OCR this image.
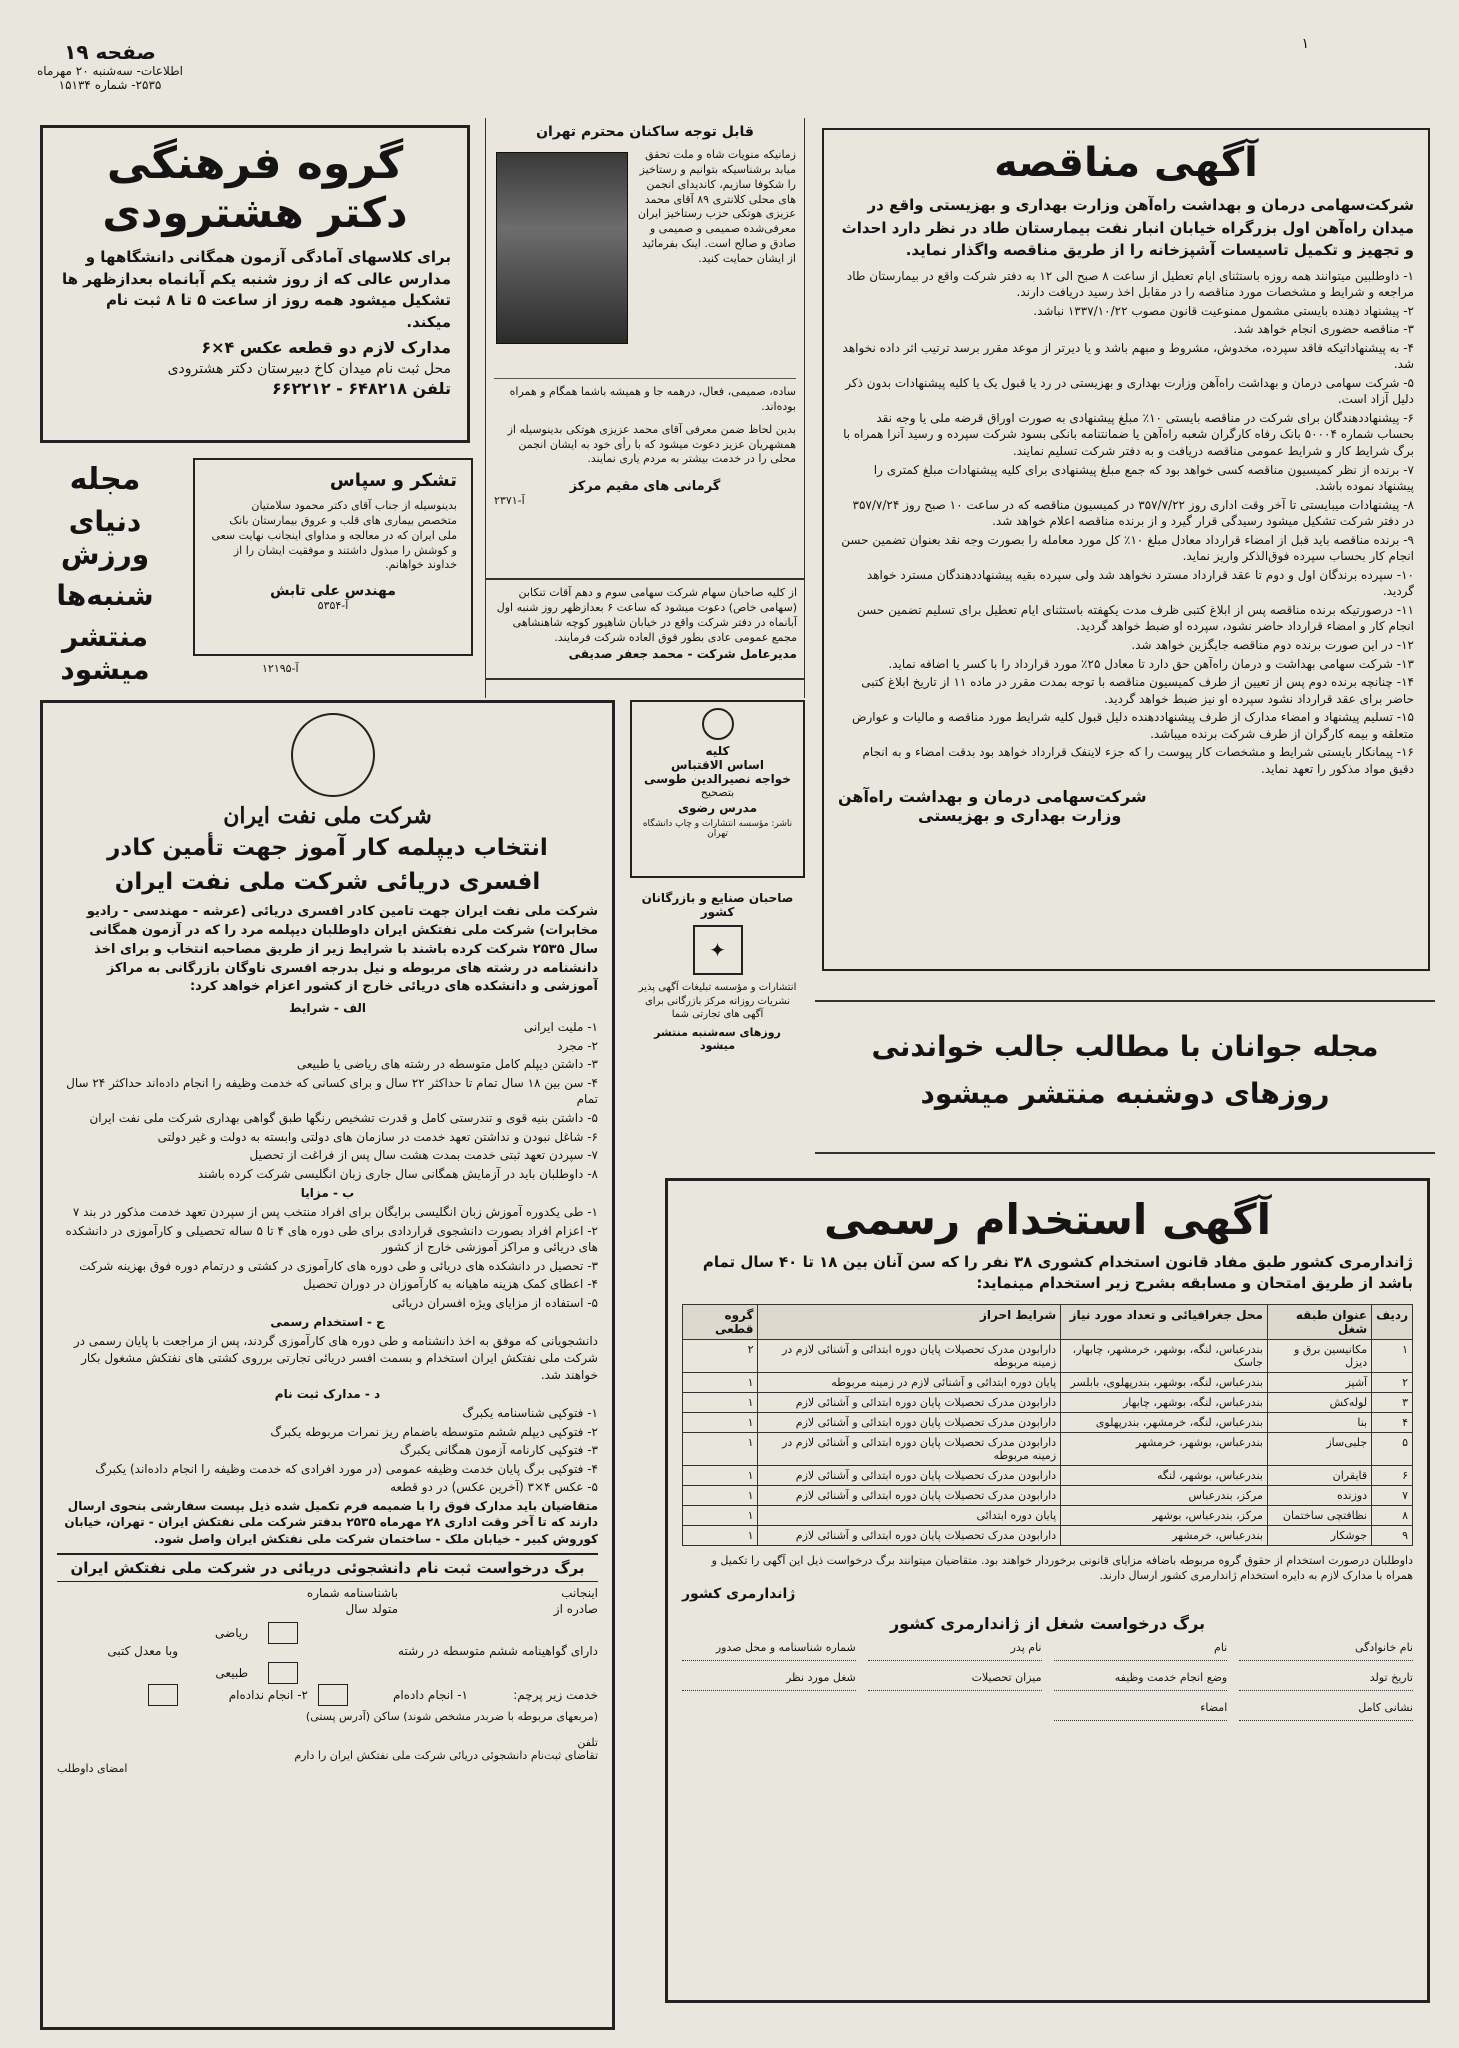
صفحه ۱۹
اطلاعات- سه‌شنبه ۲۰ مهرماه
۲۵۳۵- شماره ۱۵۱۳۴
۱
آگهی مناقصه
شرکت‌سهامی درمان و بهداشت راه‌آهن وزارت بهداری و بهزیستی واقع در میدان راه‌آهن اول بزرگراه خیابان انبار نفت بیمارستان طاد در نظر دارد احداث و تجهیز و تکمیل تاسیسات آشپزخانه را از طریق مناقصه واگذار نماید.
۱- داوطلبین میتوانند همه روزه باستثنای ایام تعطیل از ساعت ۸ صبح الی ۱۲ به دفتر شرکت واقع در بیمارستان طاد مراجعه و شرایط و مشخصات مورد مناقصه را در مقابل اخذ رسید دریافت دارند.
۲- پیشنهاد دهنده بایستی مشمول ممنوعیت قانون مصوب ۱۳۳۷/۱۰/۲۲ نباشد.
۳- مناقصه حضوری انجام خواهد شد.
۴- به پیشنهاداتیکه فاقد سپرده، مخدوش، مشروط و مبهم باشد و یا دیرتر از موعد مقرر برسد ترتیب اثر داده نخواهد شد.
۵- شرکت سهامی درمان و بهداشت راه‌آهن وزارت بهداری و بهزیستی در رد یا قبول یک یا کلیه پیشنهادات بدون ذکر دلیل آزاد است.
۶- پیشنهاددهندگان برای شرکت در مناقصه بایستی ۱۰٪ مبلغ پیشنهادی به صورت اوراق قرضه ملی یا وجه نقد بحساب شماره ۵۰۰۰۴ بانک رفاه کارگران شعبه راه‌آهن یا ضمانتنامه بانکی بسود شرکت سپرده و رسید آنرا همراه با برگ شرایط کار و شرایط عمومی مناقصه دریافت و به دفتر شرکت تسلیم نمایند.
۷- برنده از نظر کمیسیون مناقصه کسی خواهد بود که جمع مبلغ پیشنهادی برای کلیه پیشنهادات مبلغ کمتری را پیشنهاد نموده باشد.
۸- پیشنهادات میبایستی تا آخر وقت اداری روز ۳۵۷/۷/۲۲ در کمیسیون مناقصه که در ساعت ۱۰ صبح روز ۳۵۷/۷/۲۴ در دفتر شرکت تشکیل میشود رسیدگی قرار گیرد و از برنده مناقصه اعلام خواهد شد.
۹- برنده مناقصه باید قبل از امضاء قرارداد معادل مبلغ ۱۰٪ کل مورد معامله را بصورت وجه نقد بعنوان تضمین حسن انجام کار بحساب سپرده فوق‌الذکر واریز نماید.
۱۰- سپرده برندگان اول و دوم تا عقد قرارداد مسترد نخواهد شد ولی سپرده بقیه پیشنهاددهندگان مسترد خواهد گردید.
۱۱- درصورتیکه برنده مناقصه پس از ابلاغ کتبی ظرف مدت یکهفته باستثنای ایام تعطیل برای تسلیم تضمین حسن انجام کار و امضاء قرارداد حاضر نشود، سپرده او ضبط خواهد گردید.
۱۲- در این صورت برنده دوم مناقصه جایگزین خواهد شد.
۱۳- شرکت سهامی بهداشت و درمان راه‌آهن حق دارد تا معادل ۲۵٪ مورد قرارداد را با کسر یا اضافه نماید.
۱۴- چنانچه برنده دوم پس از تعیین از طرف کمیسیون مناقصه با توجه بمدت مقرر در ماده ۱۱ از تاریخ ابلاغ کتبی حاضر برای عقد قرارداد نشود سپرده او نیز ضبط خواهد گردید.
۱۵- تسلیم پیشنهاد و امضاء مدارک از طرف پیشنهاددهنده دلیل قبول کلیه شرایط مورد مناقصه و مالیات و عوارض متعلقه و بیمه کارگران از طرف شرکت برنده میباشد.
۱۶- پیمانکار بایستی شرایط و مشخصات کار پیوست را که جزء لاینفک قرارداد خواهد بود بدقت امضاء و به انجام دقیق مواد مذکور را تعهد نماید.
شرکت‌سهامی درمان و بهداشت راه‌آهن
وزارت بهداری و بهزیستی
قابل توجه ساکنان محترم تهران
زمانیکه منویات شاه و ملت تحقق میابد برشناسیکه بتوانیم و رستاخیز را شکوفا سازیم، کاندیدای انجمن های محلی کلانتری ۸۹ آقای محمد عزیزی هوتکی حزب رستاخیز ایران معرفی‌شده‌ صمیمی و صمیمی و صادق و صالح است. اینک بفرمائید از ایشان حمایت کنید.
ساده، صمیمی، فعال، درهمه جا و همیشه باشما همگام و همراه بوده‌اند.
بدین لحاظ ضمن معرفی آقای محمد عزیزی هوتکی بدینوسیله از همشهریان عزیز دعوت میشود که با رأی خود به ایشان انجمن محلی را در خدمت بیشتر به مردم یاری نمایند.
گرمانی های مقیم مرکز
آ-۲۳۷۱
از کلیه صاحبان سهام شرکت سهامی سوم و دهم آقات تنکابن (سهامی خاص) دعوت میشود که ساعت ۶ بعدازظهر روز شنبه اول آبانماه در دفتر شرکت واقع در خیابان شاهپور کوچه شاهنشاهی مجمع عمومی عادی بطور فوق العاده شرکت فرمایند.
مدیرعامل شرکت - محمد جعفر صدیقی
گروه فرهنگی
دکتر هشترودی
برای کلاسهای آمادگی آزمون همگانی دانشگاهها و مدارس عالی که از روز شنبه یکم آبانماه بعدازظهر ها تشکیل میشود همه روز از ساعت ۵ تا ۸ ثبت نام میکند.
مدارک لازم دو قطعه عکس ۴×۶
محل ثبت نام میدان کاخ دبیرستان دکتر هشترودی
تلفن ۶۴۸۲۱۸ - ۶۶۲۲۱۲
مجله
دنیای ورزش
شنبه‌ها
منتشر میشود
تشکر و سپاس
بدینوسیله از جناب آقای دکتر محمود سلامتیان متخصص بیماری های قلب و عروق بیمارستان بانک ملی ایران که در معالجه و مداوای اینجانب نهایت سعی و کوشش را مبذول داشتند و موفقیت ایشان را از خداوند خواهانم.
مهندس علی تابش
آ-۵۳۵۴
آ-۱۲۱۹۵
شرکت ملی نفت ایران
انتخاب دیپلمه کار آموز جهت تأمین کادر
افسری دریائی شرکت ملی نفت ایران
شرکت ملی نفت ایران جهت تامین کادر افسری دریائی (عرشه - مهندسی - رادیو مخابرات) شرکت ملی نفتکش ایران داوطلبان دیپلمه مرد را که در آزمون همگانی سال ۲۵۳۵ شرکت کرده باشند با شرایط زیر از طریق مصاحبه انتخاب و برای اخذ دانشنامه در رشته های مربوطه و نیل بدرجه افسری ناوگان بازرگانی به مراکز آموزشی و دانشکده های دریائی خارج از کشور اعزام خواهد کرد:
الف - شرایط
۱- ملیت ایرانی
۲- مجرد
۳- داشتن دیپلم کامل متوسطه در رشته های ریاضی یا طبیعی
۴- سن بین ۱۸ سال تمام تا حداکثر ۲۲ سال و برای کسانی که خدمت وظیفه را انجام داده‌اند حداکثر ۲۴ سال تمام
۵- داشتن بنیه قوی و تندرستی کامل و قدرت تشخیص رنگها طبق گواهی بهداری شرکت ملی نفت ایران
۶- شاغل نبودن و نداشتن تعهد خدمت در سازمان های دولتی وابسته به دولت و غیر دولتی
۷- سپردن تعهد ثبتی خدمت بمدت هشت سال پس از فراغت از تحصیل
۸- داوطلبان باید در آزمایش همگانی سال جاری زبان انگلیسی شرکت کرده باشند
ب - مزایا
۱- طی یکدوره آموزش زبان انگلیسی برایگان برای افراد منتخب پس از سپردن تعهد خدمت مذکور در بند ۷
۲- اعزام افراد بصورت دانشجوی قراردادی برای طی دوره های ۴ تا ۵ ساله تحصیلی و کارآموزی در دانشکده های دریائی و مراکز آموزشی خارج از کشور
۳- تحصیل در دانشکده های دریائی و طی دوره های کارآموزی در کشتی و درتمام دوره فوق بهزینه شرکت
۴- اعطای کمک هزینه ماهیانه به کارآموزان در دوران تحصیل
۵- استفاده از مزایای ویژه افسران دریائی
ج - استخدام رسمی
دانشجویانی که موفق به اخذ دانشنامه و طی دوره های کارآموزی گردند، پس از مراجعت با پایان رسمی در شرکت ملی نفتکش ایران استخدام و بسمت افسر دریائی تجارتی برروی کشتی های نفتکش مشغول بکار خواهند شد.
د - مدارک ثبت نام
۱- فتوکپی شناسنامه یکبرگ
۲- فتوکپی دیپلم ششم متوسطه باضمام ریز نمرات مربوطه یکبرگ
۳- فتوکپی کارنامه آزمون همگانی یکبرگ
۴- فتوکپی برگ پایان خدمت وظیفه عمومی (در مورد افرادی که خدمت وظیفه را انجام داده‌اند) یکبرگ
۵- عکس ۴×۳ (آخرین عکس) در دو قطعه
متقاضیان باید مدارک فوق را با ضمیمه فرم تکمیل شده ذیل بپست سفارشی بنحوی ارسال دارند که تا آخر وقت اداری ۲۸ مهرماه ۲۵۳۵ بدفتر شرکت ملی نفتکش ایران - تهران، خیابان کوروش کبیر - خیابان ملک - ساختمان شرکت ملی نفتکش ایران واصل شود.
برگ درخواست ثبت نام دانشجوئی دریائی در شرکت ملی نفتکش ایران
اینجانب
صادره از
باشناسنامه شماره
متولد سال
ریاضی
طبیعی
دارای گواهینامه ششم متوسطه در رشته
وبا معدل کتبی
خدمت زیر پرچم:
۱- انجام داده‌ام
۲- انجام نداده‌ام
(مربعهای مربوطه با ضربدر مشخص شوند) ساکن (آدرس پستی)
تلفن
تقاضای ثبت‌نام دانشجوئی دریائی شرکت ملی نفتکش ایران را دارم
امضای داوطلب
کلیه
اساس الاقتباس
خواجه نصیرالدین طوسی
بتصحیح
مدرس رضوی
ناشر: مؤسسه انتشارات و چاپ دانشگاه تهران
صاحبان صنایع و بازرگانان کشور
✦
انتشارات و مؤسسه تبلیغات آگهی پذیر نشریات روزانه مرکز بازرگانی برای آگهی های تجارتی شما
روزهای سه‌شنبه منتشر میشود	مجله جوانان با مطالب جالب خواندنی
روزهای دوشنبه منتشر میشود
آگهی استخدام رسمی
ژاندارمری کشور طبق مفاد قانون استخدام کشوری ۳۸ نفر را که سن آنان بین ۱۸ تا ۴۰ سال تمام باشد از طریق امتحان و مسابقه بشرح زیر استخدام مینماید:
ردیف	عنوان طبقه شغل	محل جغرافیائی و تعداد مورد نیاز	شرایط احراز	گروه قطعی
۱	مکانیسین برق و دیزل	بندرعباس، لنگه، بوشهر، خرمشهر، چابهار، جاسک	دارابودن مدرک تحصیلات پایان دوره ابتدائی و آشنائی لازم در زمینه مربوطه	۲
۲	آشپز	بندرعباس، لنگه، بوشهر، بندرپهلوی، بابلسر	پایان دوره ابتدائی و آشنائی لازم در زمینه مربوطه	۱
۳	لوله‌کش	بندرعباس، لنگه، بوشهر، چابهار	دارابودن مدرک تحصیلات پایان دوره ابتدائی و آشنائی لازم	۱
۴	بنا	بندرعباس، لنگه، خرمشهر، بندرپهلوی	دارابودن مدرک تحصیلات پایان دوره ابتدائی و آشنائی لازم	۱
۵	جلبی‌ساز	بندرعباس، بوشهر، خرمشهر	دارابودن مدرک تحصیلات پایان دوره ابتدائی و آشنائی لازم در زمینه مربوطه	۱
۶	قایقران	بندرعباس، بوشهر، لنگه	دارابودن مدرک تحصیلات پایان دوره ابتدائی و آشنائی لازم	۱
۷	دوزنده	مرکز، بندرعباس	دارابودن مدرک تحصیلات پایان دوره ابتدائی و آشنائی لازم	۱
۸	نظافتچی ساختمان	مرکز، بندرعباس، بوشهر	پایان دوره ابتدائی	۱
۹	جوشکار	بندرعباس، خرمشهر	دارابودن مدرک تحصیلات پایان دوره ابتدائی و آشنائی لازم	۱
داوطلبان درصورت استخدام از حقوق گروه مربوطه باضافه مزایای قانونی برخوردار خواهند بود. متقاضیان میتوانند برگ درخواست ذیل این آگهی را تکمیل و همراه با مدارک لازم به دایره استخدام ژاندارمری کشور ارسال دارند.
ژاندارمری کشور
برگ درخواست شغل از ژاندارمری کشور
نام خانوادگی
نام
نام پدر
شماره شناسنامه و محل صدور
تاریخ تولد
وضع انجام خدمت وظیفه
میزان تحصیلات
شغل مورد نظر
نشانی کامل
امضاء
